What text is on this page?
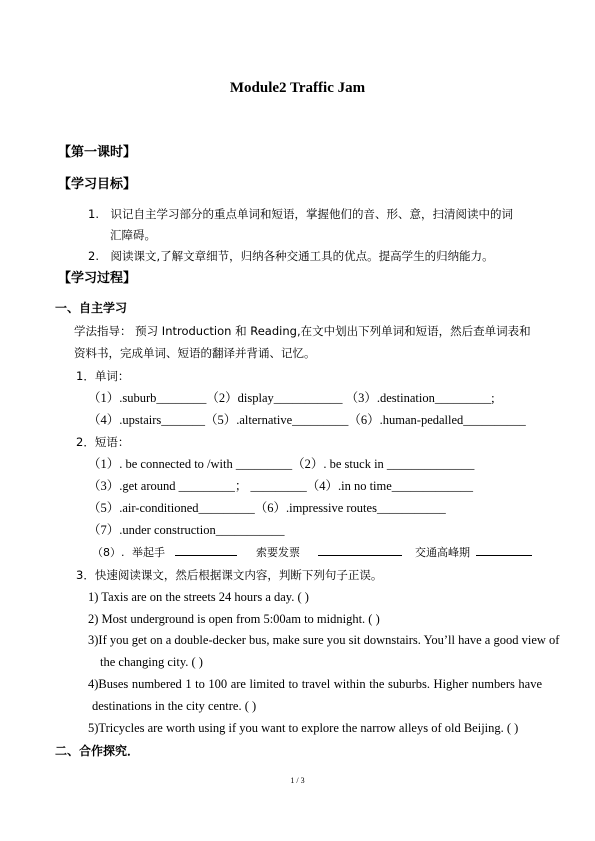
Module2 Traffic Jam
【第一课时】
【学习目标】
1.　识记自主学习部分的重点单词和短语，掌握他们的音、形、意，扫清阅读中的词
汇障碍。
2.　阅读课文,了解文章细节，归纳各种交通工具的优点。提高学生的归纳能力。
【学习过程】
一、自主学习
学法指导： 预习 Introduction 和 Reading,在文中划出下列单词和短语，然后查单词表和
资料书，完成单词、短语的翻译并背诵、记忆。
1．单词：
（1）.suburb________（2）display___________ （3）.destination_________;
（4）.upstairs_______（5）.alternative_________（6）.human-pedalled__________
2．短语：
（1）. be connected to /with _________（2）. be stuck in ______________
（3）.get around _________； _________（4）.in no time_____________
（5）.air-conditioned_________（6）.impressive routes___________
（7）.under construction___________
（8）. 举起手	索要发票	交通高峰期
3．快速阅读课文，然后根据课文内容，判断下列句子正误。
1) Taxis are on the streets 24 hours a day. ( )
2) Most underground is open from 5:00am to midnight. ( )
3)If you get on a double-decker bus, make sure you sit downstairs. You’ll have a good view of
the changing city. ( )
4)Buses numbered 1 to 100 are limited to travel within the suburbs. Higher numbers have
destinations in the city centre. ( )
5)Tricycles are worth using if you want to explore the narrow alleys of old Beijing. ( )
二、合作探究．
1 / 3
